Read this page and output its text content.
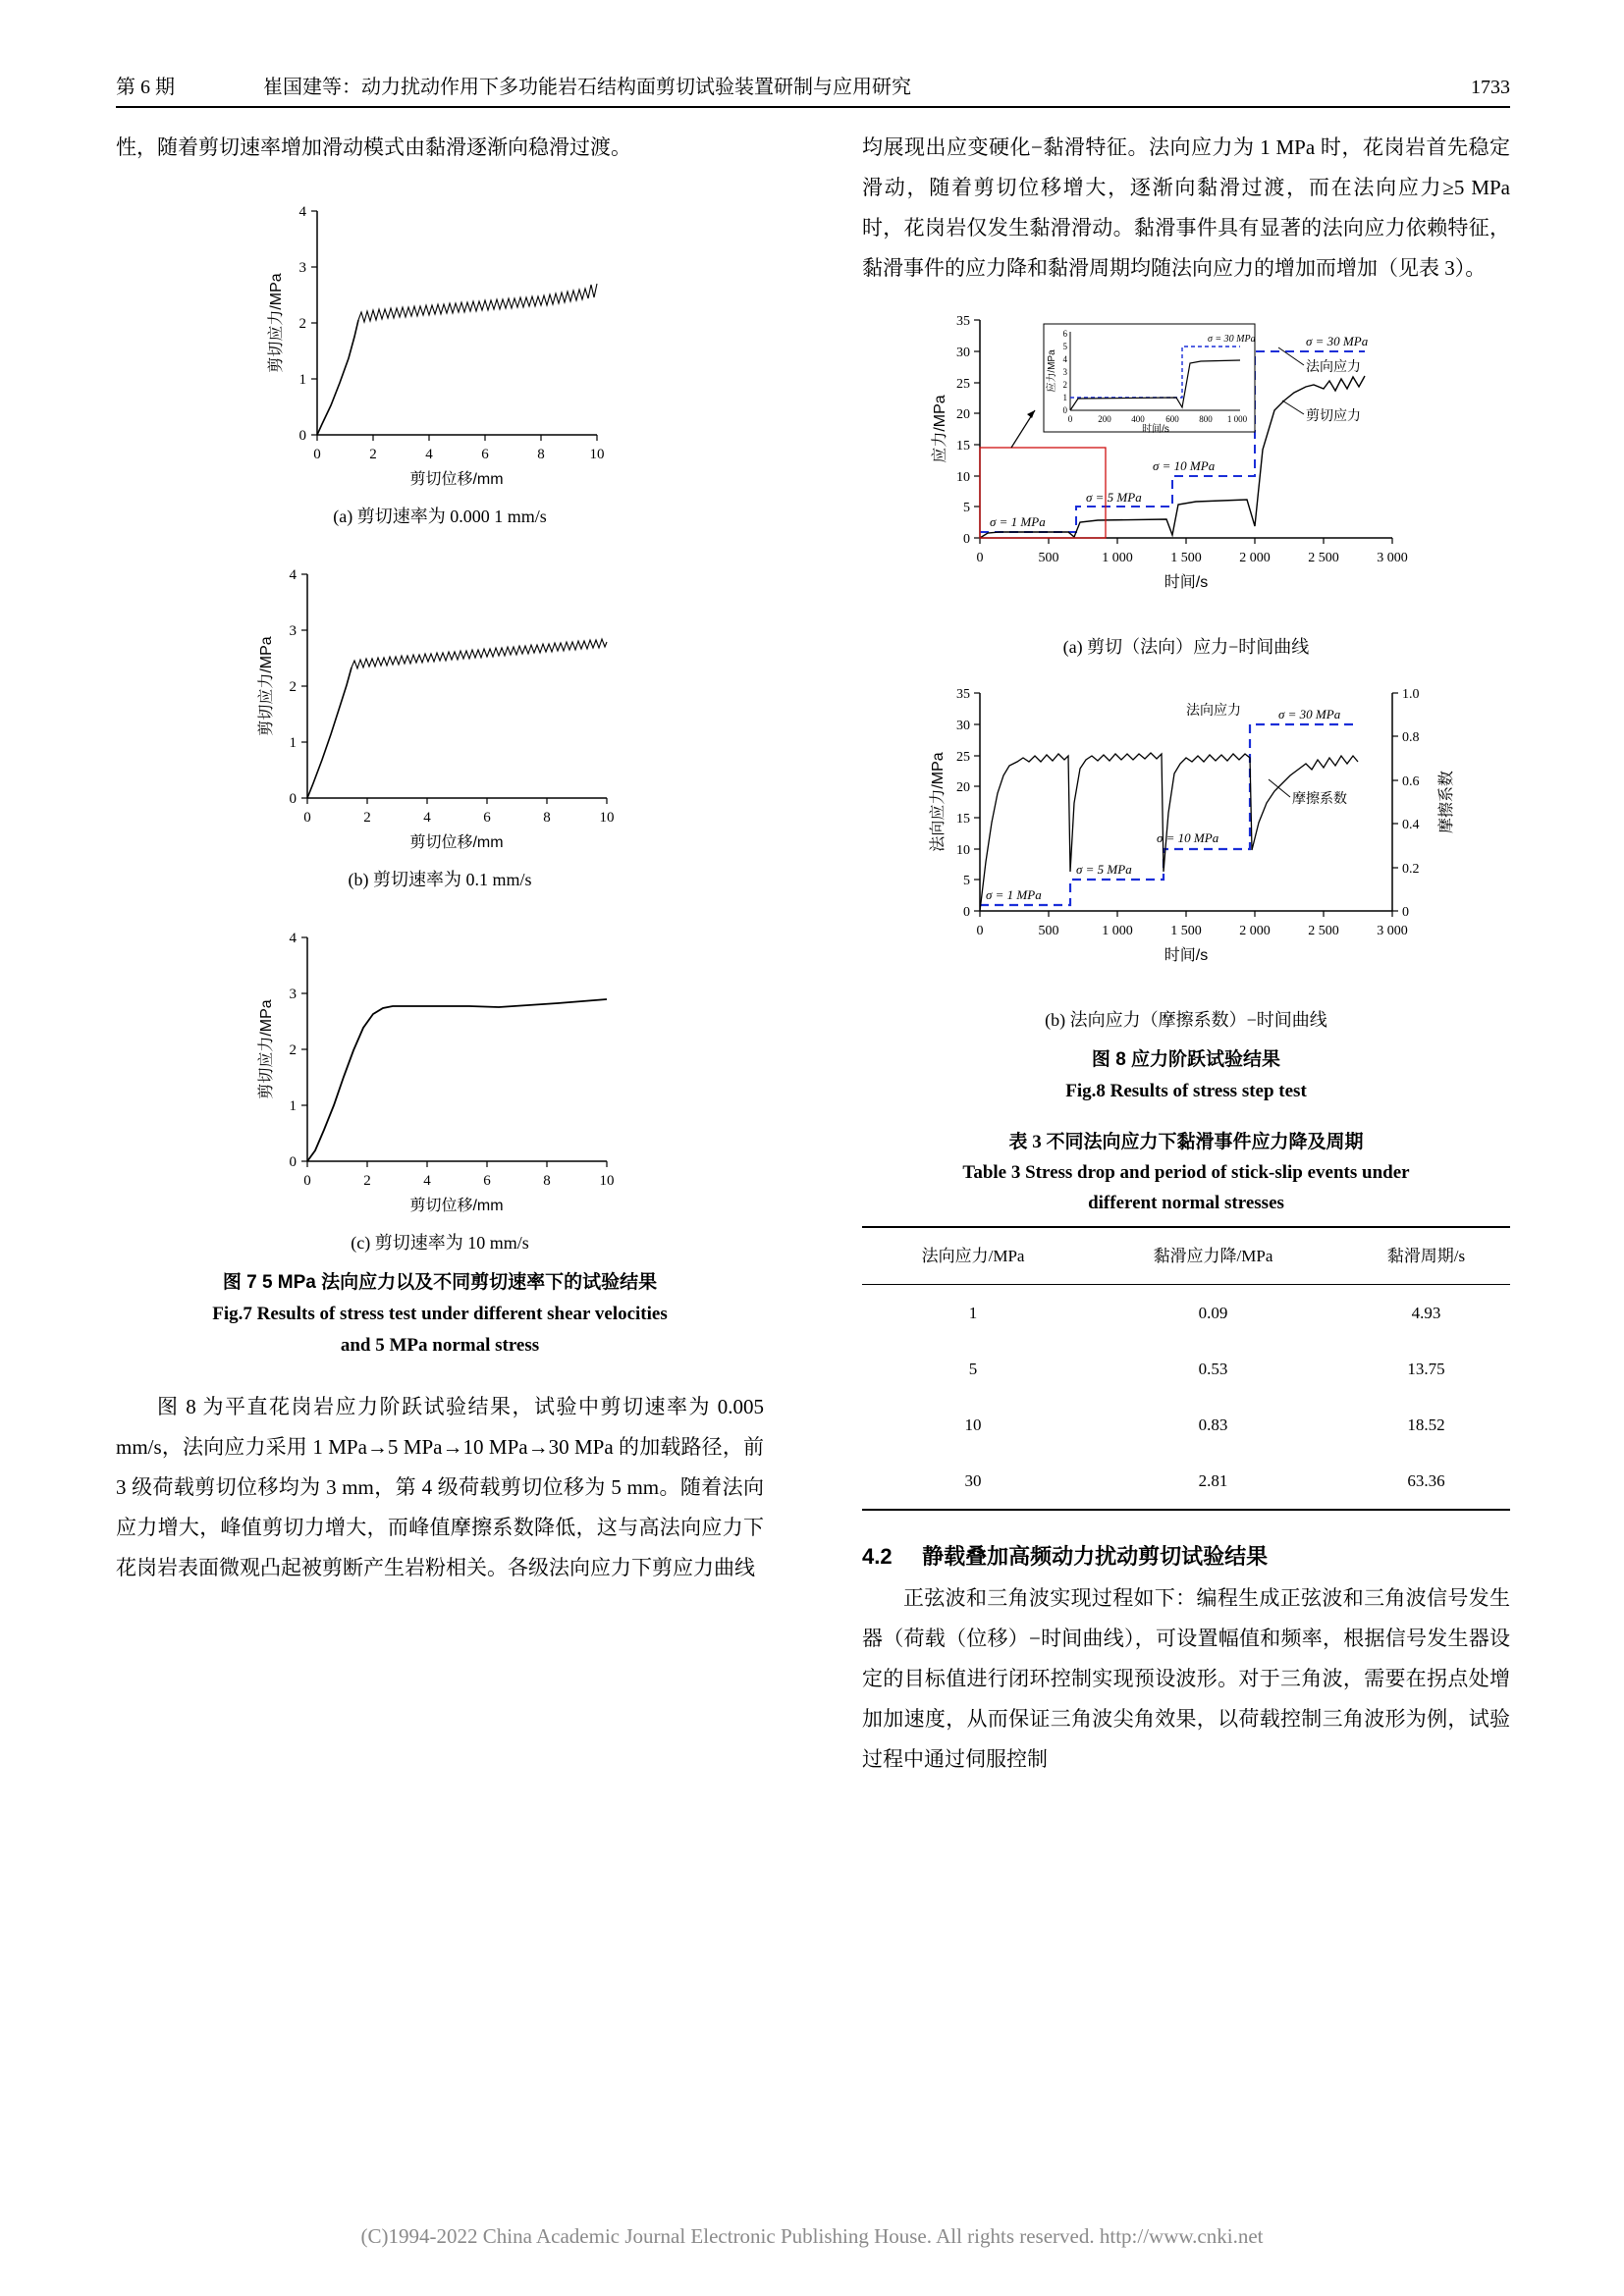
第 6 期	崔国建等：动力扰动作用下多功能岩石结构面剪切试验装置研制与应用研究	1733

性，随着剪切速率增加滑动模式由黏滑逐渐向稳滑过渡。

0
1
2
3
4
0	2	4	6	8	10
剪切位移/mm
剪切应力/MPa
(a) 剪切速率为 0.000 1 mm/s
0
1
2
3
4
0	2	4	6	8	10
剪切位移/mm
剪切应力/MPa
(b) 剪切速率为 0.1 mm/s
0
1
2
3
4
0	2	4	6	8	10
剪切位移/mm
剪切应力/MPa
(c) 剪切速率为 10 mm/s
图 7 5 MPa 法向应力以及不同剪切速率下的试验结果
Fig.7 Results of stress test under different shear velocities
and 5 MPa normal stress

图 8 为平直花岗岩应力阶跃试验结果，试验中剪切速率为 0.005 mm/s，法向应力采用 1 MPa→5 MPa→10 MPa→30 MPa 的加载路径，前 3 级荷载剪切位移均为 3 mm，第 4 级荷载剪切位移为 5 mm。随着法向应力增大，峰值剪切力增大，而峰值摩擦系数降低，这与高法向应力下花岗岩表面微观凸起被剪断产生岩粉相关。各级法向应力下剪应力曲线

均展现出应变硬化−黏滑特征。法向应力为 1 MPa 时，花岗岩首先稳定滑动，随着剪切位移增大，逐渐向黏滑过渡，而在法向应力≥5 MPa 时，花岗岩仅发生黏滑滑动。黏滑事件具有显著的法向应力依赖特征，黏滑事件的应力降和黏滑周期均随法向应力的增加而增加（见表 3）。

0
5
10
15
20
25
30
35
0	500	1 000	1 500	2 000	2 500	3 000
时间/s
应力/MPa	0
1
2
3
4
5
6
0	200 400 600 800 1 000
时间/s
应力/MPa
σ = 30 MPa
σ = 1 MPa
σ = 5 MPa
σ = 10 MPa
σ = 30 MPa
法向应力
剪切应力
(a) 剪切（法向）应力−时间曲线
0
5
10
15
20
25
30
35
0
0.2
0.4
0.6
0.8
1.0
0	500	1 000	1 500	2 000	2 500	3 000
时间/s
法向应力/MPa	摩擦系数
σ = 1 MPa
σ = 5 MPa
σ = 10 MPa
σ = 30 MPa
法向应力
摩擦系数
(b) 法向应力（摩擦系数）−时间曲线
图 8 应力阶跃试验结果
Fig.8 Results of stress step test
表 3 不同法向应力下黏滑事件应力降及周期
Table 3 Stress drop and period of stick-slip events under
different normal stresses
法向应力/MPa	黏滑应力降/MPa	黏滑周期/s
1	0.09	4.93
5	0.53	13.75
10	0.83	18.52
30	2.81	63.36
4.2 静载叠加高频动力扰动剪切试验结果

正弦波和三角波实现过程如下：编程生成正弦波和三角波信号发生器（荷载（位移）−时间曲线），可设置幅值和频率，根据信号发生器设定的目标值进行闭环控制实现预设波形。对于三角波，需要在拐点处增加加速度，从而保证三角波尖角效果，以荷载控制三角波形为例，试验过程中通过伺服控制

(C)1994-2022 China Academic Journal Electronic Publishing House. All rights reserved. http://www.cnki.net
